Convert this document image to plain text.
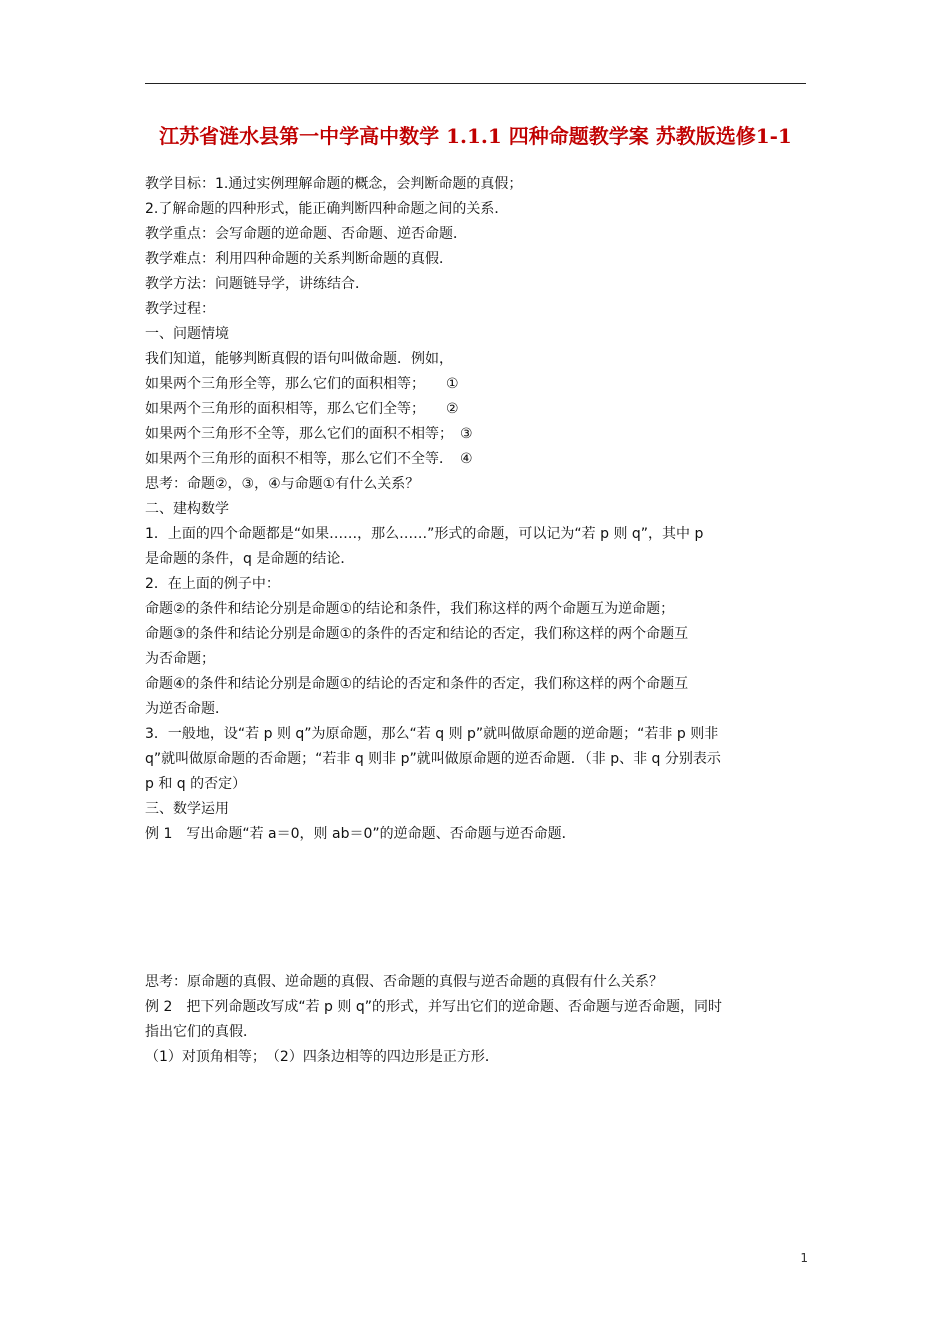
江苏省涟水县第一中学高中数学 1.1.1 四种命题教学案 苏教版选修1-1
教学目标：1.通过实例理解命题的概念，会判断命题的真假；
2.了解命题的四种形式，能正确判断四种命题之间的关系．
教学重点：会写命题的逆命题、否命题、逆否命题．
教学难点：利用四种命题的关系判断命题的真假．
教学方法：问题链导学，讲练结合．
教学过程：
一、问题情境
我们知道，能够判断真假的语句叫做命题．例如，
如果两个三角形全等，那么它们的面积相等；　　①
如果两个三角形的面积相等，那么它们全等；　　②
如果两个三角形不全等，那么它们的面积不相等；　③
如果两个三角形的面积不相等，那么它们不全等．　④
思考：命题②，③，④与命题①有什么关系？
二、建构数学
1．上面的四个命题都是“如果……，那么……”形式的命题，可以记为“若 p 则 q”，其中 p
是命题的条件，q 是命题的结论．
2．在上面的例子中：
命题②的条件和结论分别是命题①的结论和条件，我们称这样的两个命题互为逆命题；
命题③的条件和结论分别是命题①的条件的否定和结论的否定，我们称这样的两个命题互
为否命题；
命题④的条件和结论分别是命题①的结论的否定和条件的否定，我们称这样的两个命题互
为逆否命题．
3．一般地，设“若 p 则 q”为原命题，那么“若 q 则 p”就叫做原命题的逆命题；“若非 p 则非
q”就叫做原命题的否命题；“若非 q 则非 p”就叫做原命题的逆否命题．（非 p、非 q 分别表示
p 和 q 的否定）
三、数学运用
例 1　写出命题“若 a＝0，则 ab＝0”的逆命题、否命题与逆否命题．
思考：原命题的真假、逆命题的真假、否命题的真假与逆否命题的真假有什么关系？
例 2　把下列命题改写成“若 p 则 q”的形式，并写出它们的逆命题、否命题与逆否命题，同时
指出它们的真假．
（1）对顶角相等；　（2）四条边相等的四边形是正方形．
1
